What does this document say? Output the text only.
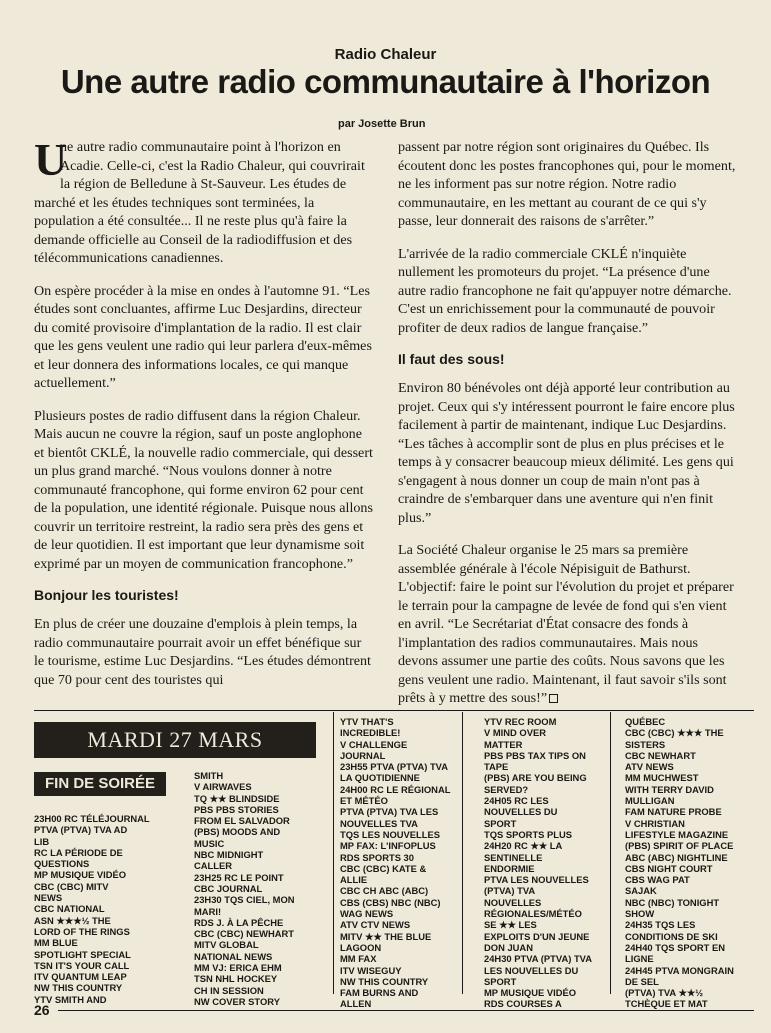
Radio Chaleur
Une autre radio communautaire à l'horizon
par Josette Brun

U
ne autre radio communautaire point à l'horizon en Acadie. Celle-ci, c'est la Radio Chaleur, qui couvrirait la région de Belledune à St-Sauveur. Les études de marché et les études techniques sont terminées, la population a été consultée... Il ne reste plus qu'à faire la demande officielle au Conseil de la radiodiffusion et des télécommunications canadiennes.

On espère procéder à la mise en ondes à l'automne 91. “Les études sont concluantes, affirme Luc Desjardins, directeur du comité provisoire d'implantation de la radio. Il est clair que les gens veulent une radio qui leur parlera d'eux-mêmes et leur donnera des informations locales, ce qui manque actuellement.”

Plusieurs postes de radio diffusent dans la région Chaleur. Mais aucun ne couvre la région, sauf un poste anglophone et bientôt CKLÉ, la nouvelle radio commerciale, qui dessert un plus grand marché. “Nous voulons donner à notre communauté francophone, qui forme environ 62 pour cent de la population, une identité régionale. Puisque nous allons couvrir un territoire restreint, la radio sera près des gens et de leur quotidien. Il est important que leur dynamisme soit exprimé par un moyen de communication francophone.”

Bonjour les touristes!

En plus de créer une douzaine d'emplois à plein temps, la radio communautaire pourrait avoir un effet bénéfique sur le tourisme, estime Luc Desjardins. “Les études démontrent que 70 pour cent des touristes qui

passent par notre région sont originaires du Québec. Ils écoutent donc les postes francophones qui, pour le moment, ne les informent pas sur notre région. Notre radio communautaire, en les mettant au courant de ce qui s'y passe, leur donnerait des raisons de s'arrêter.”

L'arrivée de la radio commerciale CKLÉ n'inquiète nullement les promoteurs du projet. “La présence d'une autre radio francophone ne fait qu'appuyer notre démarche. C'est un enrichissement pour la communauté de pouvoir profiter de deux radios de langue française.”

Il faut des sous!

Environ 80 bénévoles ont déjà apporté leur contribution au projet. Ceux qui s'y intéressent pourront le faire encore plus facilement à partir de maintenant, indique Luc Desjardins. “Les tâches à accomplir sont de plus en plus précises et le temps à y consacrer beaucoup mieux délimité. Les gens qui s'engagent à nous donner un coup de main n'ont pas à craindre de s'embarquer dans une aventure qui n'en finit plus.”

La Société Chaleur organise le 25 mars sa première assemblée générale à l'école Népisiguit de Bathurst. L'objectif: faire le point sur l'évolution du projet et préparer le terrain pour la campagne de levée de fond qui s'en vient en avril. “Le Secrétariat d'État consacre des fonds à l'implantation des radios communautaires. Mais nous devons assumer une partie des coûts. Nous savons que les gens veulent une radio. Maintenant, il faut savoir s'ils sont prêts à y mettre des sous!”

MARDI 27 MARS
FIN DE SOIRÉE
23H00 RC TÉLÉJOURNAL
PTVA (PTVA) TVA AD
LIB
RC LA PÉRIODE DE
QUESTIONS
MP MUSIQUE VIDÉO
CBC (CBC) MITV
NEWS
CBC NATIONAL
ASN ★★★½ THE
LORD OF THE RINGS
MM BLUE
SPOTLIGHT SPECIAL
TSN IT'S YOUR CALL
ITV QUANTUM LEAP
NW THIS COUNTRY
YTV SMITH AND
SMITH
V AIRWAVES
TQ ★★ BLINDSIDE
PBS PBS STORIES
FROM EL SALVADOR
(PBS) MOODS AND
MUSIC
NBC MIDNIGHT
CALLER
23H25 RC LE POINT
CBC JOURNAL
23H30 TQS CIEL, MON
MARI!
RDS J. À LA PÊCHE
CBC (CBC) NEWHART
MITV GLOBAL
NATIONAL NEWS
MM VJ: ERICA EHM
TSN NHL HOCKEY
CH IN SESSION
NW COVER STORY
YTV THAT'S
INCREDIBLE!
V CHALLENGE
JOURNAL
23H55 PTVA (PTVA) TVA
LA QUOTIDIENNE
24H00 RC LE RÉGIONAL
ET MÉTÉO
PTVA (PTVA) TVA LES
NOUVELLES TVA
TQS LES NOUVELLES
MP FAX: L'INFOPLUS
RDS SPORTS 30
CBC (CBC) KATE &
ALLIE
CBC CH ABC (ABC)
CBS (CBS) NBC (NBC)
WAG NEWS
ATV CTV NEWS
MITV ★★ THE BLUE
LAGOON
MM FAX
ITV WISEGUY
NW THIS COUNTRY
FAM BURNS AND
ALLEN
YTV REC ROOM
V MIND OVER
MATTER
PBS PBS TAX TIPS ON
TAPE
(PBS) ARE YOU BEING
SERVED?
24H05 RC LES
NOUVELLES DU
SPORT
TQS SPORTS PLUS
24H20 RC ★★ LA
SENTINELLE
ENDORMIE
PTVA LES NOUVELLES
(PTVA) TVA
NOUVELLES
RÉGIONALES/MÉTÉO
SE ★★ LES
EXPLOITS D'UN JEUNE
DON JUAN
24H30 PTVA (PTVA) TVA
LES NOUVELLES DU
SPORT
MP MUSIQUE VIDÉO
RDS COURSES A
QUÉBEC
CBC (CBC) ★★★ THE
SISTERS
CBC NEWHART
ATV NEWS
MM MUCHWEST
WITH TERRY DAVID
MULLIGAN
FAM NATURE PROBE
V CHRISTIAN
LIFESTYLE MAGAZINE
(PBS) SPIRIT OF PLACE
ABC (ABC) NIGHTLINE
CBS NIGHT COURT
CBS WAG PAT
SAJAK
NBC (NBC) TONIGHT
SHOW
24H35 TQS LES
CONDITIONS DE SKI
24H40 TQS SPORT EN
LIGNE
24H45 PTVA MONGRAIN
DE SEL
(PTVA) TVA ★★½
TCHÈQUE ET MAT
26
